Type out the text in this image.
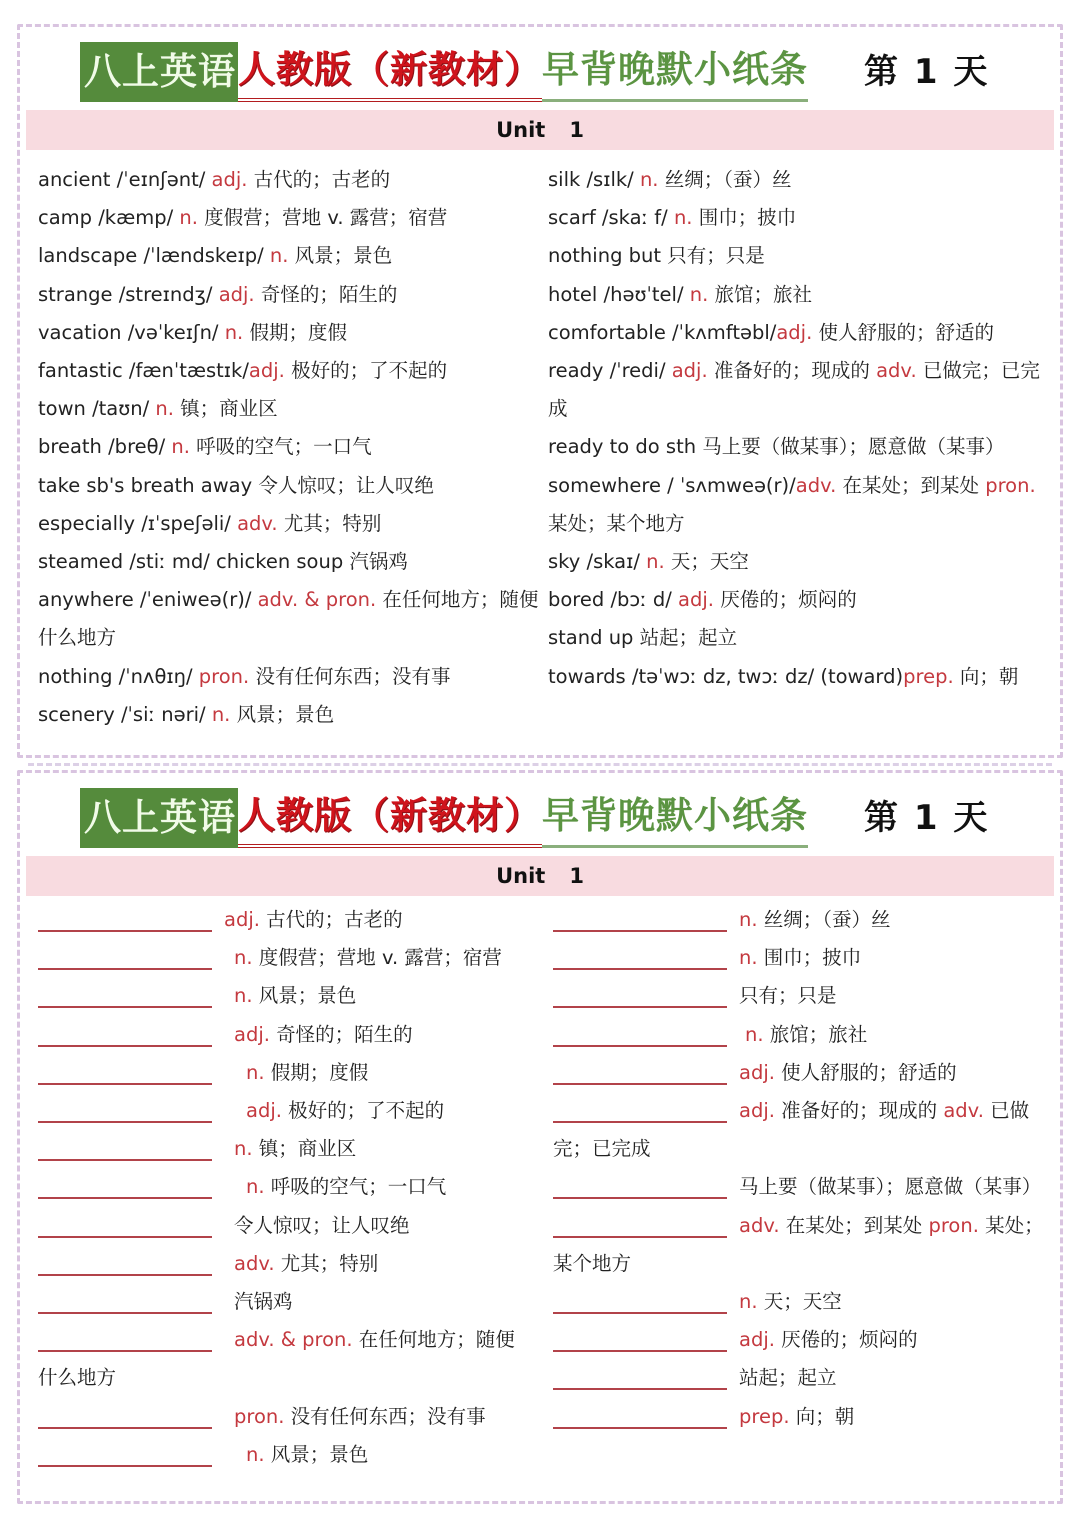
八上英语 人教版（新教材） 早背晚默小纸条 第 1 天
Unit 1
ancient /ˈeɪnʃənt/ adj. 古代的；古老的
camp /kæmp/ n. 度假营；营地 v. 露营；宿营
landscape /ˈlændskeɪp/ n. 风景；景色
strange /streɪndʒ/ adj. 奇怪的；陌生的
vacation /vəˈkeɪʃn/ n. 假期；度假
fantastic /fænˈtæstɪk/adj. 极好的；了不起的
town /taʊn/ n. 镇；商业区
breath /breθ/ n. 呼吸的空气；一口气
take sb's breath away 令人惊叹；让人叹绝
especially /ɪˈspeʃəli/ adv. 尤其；特别
steamed /stiː md/ chicken soup 汽锅鸡
anywhere /ˈeniweə(r)/ adv. & pron. 在任何地方；随便什么地方
nothing /ˈnʌθɪŋ/ pron. 没有任何东西；没有事
scenery /ˈsiː nəri/ n. 风景；景色
silk /sɪlk/ n. 丝绸；（蚕）丝
scarf /skaː f/ n. 围巾；披巾
nothing but 只有；只是
hotel /həʊˈtel/ n. 旅馆；旅社
comfortable /ˈkʌmftəbl/adj. 使人舒服的；舒适的
ready /ˈredi/ adj. 准备好的；现成的 adv. 已做完；已完成
ready to do sth 马上要（做某事）；愿意做（某事）
somewhere / ˈsʌmweə(r)/adv. 在某处；到某处 pron. 某处；某个地方
sky /skaɪ/ n. 天；天空
bored /bɔː d/ adj. 厌倦的；烦闷的
stand up 站起；起立
towards /təˈwɔː dz, twɔː dz/ (toward)prep. 向；朝
八上英语 人教版（新教材） 早背晚默小纸条 第 1 天
Unit 1
adj. 古代的；古老的
n. 度假营；营地 v. 露营；宿营
n. 风景；景色
adj. 奇怪的；陌生的
n. 假期；度假
adj. 极好的；了不起的
n. 镇；商业区
n. 呼吸的空气；一口气
令人惊叹；让人叹绝
adv. 尤其；特别
汽锅鸡
adv. & pron. 在任何地方；随便
什么地方
pron. 没有任何东西；没有事
n. 风景；景色
n. 丝绸；（蚕）丝
n. 围巾；披巾
只有；只是
n. 旅馆；旅社
adj. 使人舒服的；舒适的
adj. 准备好的；现成的 adv. 已做
完；已完成
马上要（做某事）；愿意做（某事）
adv. 在某处；到某处 pron. 某处；
某个地方
n. 天；天空
adj. 厌倦的；烦闷的
站起；起立
prep. 向；朝
